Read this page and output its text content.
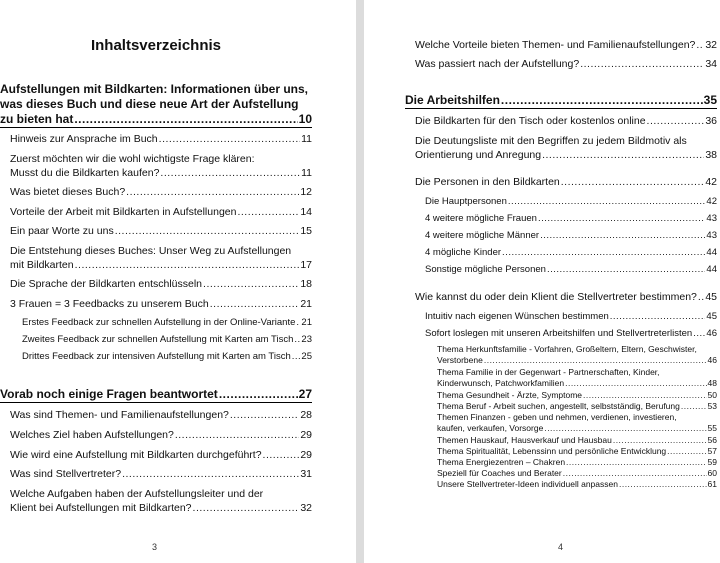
Inhaltsverzeichnis
Aufstellungen mit Bildkarten: Informationen über uns,
was dieses Buch und diese neue Art der Aufstellung
zu bieten hat .....	10
Hinweis zur Ansprache im Buch .....	11
Zuerst möchten wir die wohl wichtigste Frage klären:
Musst du die Bildkarten kaufen? .....	11
Was bietet dieses Buch? .....	12
Vorteile der Arbeit mit Bildkarten in Aufstellungen .....	14
Ein paar Worte zu uns .....	15
Die Entstehung dieses Buches: Unser Weg zu Aufstellungen
mit Bildkarten .....	17
Die Sprache der Bildkarten entschlüsseln .....	18
3 Frauen = 3 Feedbacks zu unserem Buch .....	21
Erstes Feedback zur schnellen Aufstellung in der Online-Variante ..... 21
Zweites Feedback zur schnellen Aufstellung mit Karten am Tisch ..... 23
Drittes Feedback zur intensiven Aufstellung mit Karten am Tisch ..... 25
Vorab noch einige Fragen beantwortet .....	27
Was sind Themen- und Familienaufstellungen? .....	28
Welches Ziel haben Aufstellungen? .....	29
Wie wird eine Aufstellung mit Bildkarten durchgeführt? .....	29
Was sind Stellvertreter? .....	31
Welche Aufgaben haben der Aufstellungsleiter und der
Klient bei Aufstellungen mit Bildkarten? .....	32
3
Welche Vorteile bieten Themen- und Familienaufstellungen? ..... 32
Was passiert nach der Aufstellung? .....	34
Die Arbeitshilfen .....	35
Die Bildkarten für den Tisch oder kostenlos online .....	36
Die Deutungsliste mit den Begriffen zu jedem Bildmotiv als
Orientierung und Anregung .....	38
Die Personen in den Bildkarten .....	42
Die Hauptpersonen .....	42
4 weitere mögliche Frauen .....	43
4 weitere mögliche Männer .....	43
4 mögliche Kinder .....	44
Sonstige mögliche Personen .....	44
Wie kannst du oder dein Klient die Stellvertreter bestimmen? ..... 45
Intuitiv nach eigenen Wünschen bestimmen .....	45
Sofort loslegen mit unseren Arbeitshilfen und Stellvertreterlisten ..... 46
Thema Herkunftsfamilie - Vorfahren, Großeltern, Eltern, Geschwister,
Verstorbene .....	46
Thema Familie in der Gegenwart - Partnerschaften, Kinder,
Kinderwunsch, Patchworkfamilien .....	48
Thema Gesundheit - Ärzte, Symptome .....	50
Thema Beruf - Arbeit suchen, angestellt, selbstständig, Berufung .....	53
Themen Finanzen - geben und nehmen, verdienen, investieren,
kaufen, verkaufen, Vorsorge .....	55
Themen Hauskauf, Hausverkauf und Hausbau .....	56
Thema Spiritualität, Lebenssinn und persönliche Entwicklung .....	57
Thema Energiezentren – Chakren .....	59
Speziell für Coaches und Berater .....	60
Unsere Stellvertreter-Ideen individuell anpassen .....	61
4
